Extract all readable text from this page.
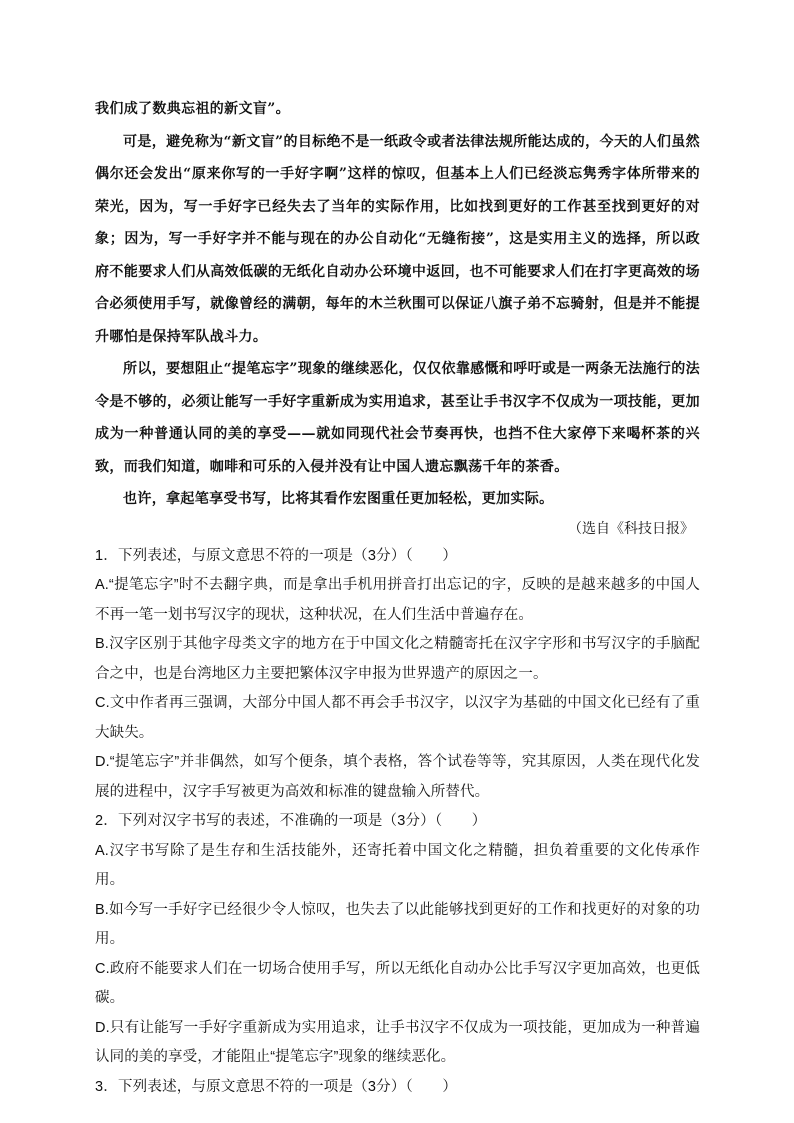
我们成了数典忘祖的新文盲”。

可是，避免称为“新文盲”的目标绝不是一纸政令或者法律法规所能达成的，今天的人们虽然偶尔还会发出“原来你写的一手好字啊”这样的惊叹，但基本上人们已经淡忘隽秀字体所带来的荣光，因为，写一手好字已经失去了当年的实际作用，比如找到更好的工作甚至找到更好的对象；因为，写一手好字并不能与现在的办公自动化“无缝衔接”，这是实用主义的选择，所以政府不能要求人们从高效低碳的无纸化自动办公环境中返回，也不可能要求人们在打字更高效的场合必须使用手写，就像曾经的满朝，每年的木兰秋围可以保证八旗子弟不忘骑射，但是并不能提升哪怕是保持军队战斗力。

所以，要想阻止“提笔忘字”现象的继续恶化，仅仅依靠感慨和呼吁或是一两条无法施行的法令是不够的，必须让能写一手好字重新成为实用追求，甚至让手书汉字不仅成为一项技能，更加成为一种普通认同的美的享受——就如同现代社会节奏再快，也挡不住大家停下来喝杯茶的兴致，而我们知道，咖啡和可乐的入侵并没有让中国人遗忘飘荡千年的茶香。

也许，拿起笔享受书写，比将其看作宏图重任更加轻松，更加实际。

（选自《科技日报》

1．下列表述，与原文意思不符的一项是（3分）（　　）

A.“提笔忘字”时不去翻字典，而是拿出手机用拼音打出忘记的字，反映的是越来越多的中国人不再一笔一划书写汉字的现状，这种状况，在人们生活中普遍存在。

B.汉字区别于其他字母类文字的地方在于中国文化之精髓寄托在汉字字形和书写汉字的手脑配合之中，也是台湾地区力主要把繁体汉字申报为世界遗产的原因之一。

C.文中作者再三强调，大部分中国人都不再会手书汉字，以汉字为基础的中国文化已经有了重大缺失。

D.“提笔忘字”并非偶然，如写个便条，填个表格，答个试卷等等，究其原因，人类在现代化发展的进程中，汉字手写被更为高效和标准的键盘输入所替代。

2．下列对汉字书写的表述，不准确的一项是（3分）（　　）

A.汉字书写除了是生存和生活技能外，还寄托着中国文化之精髓，担负着重要的文化传承作用。

B.如今写一手好字已经很少令人惊叹，也失去了以此能够找到更好的工作和找更好的对象的功用。

C.政府不能要求人们在一切场合使用手写，所以无纸化自动办公比手写汉字更加高效，也更低碳。

D.只有让能写一手好字重新成为实用追求，让手书汉字不仅成为一项技能，更加成为一种普遍认同的美的享受，才能阻止“提笔忘字”现象的继续恶化。

3．下列表述，与原文意思不符的一项是（3分）（　　）
